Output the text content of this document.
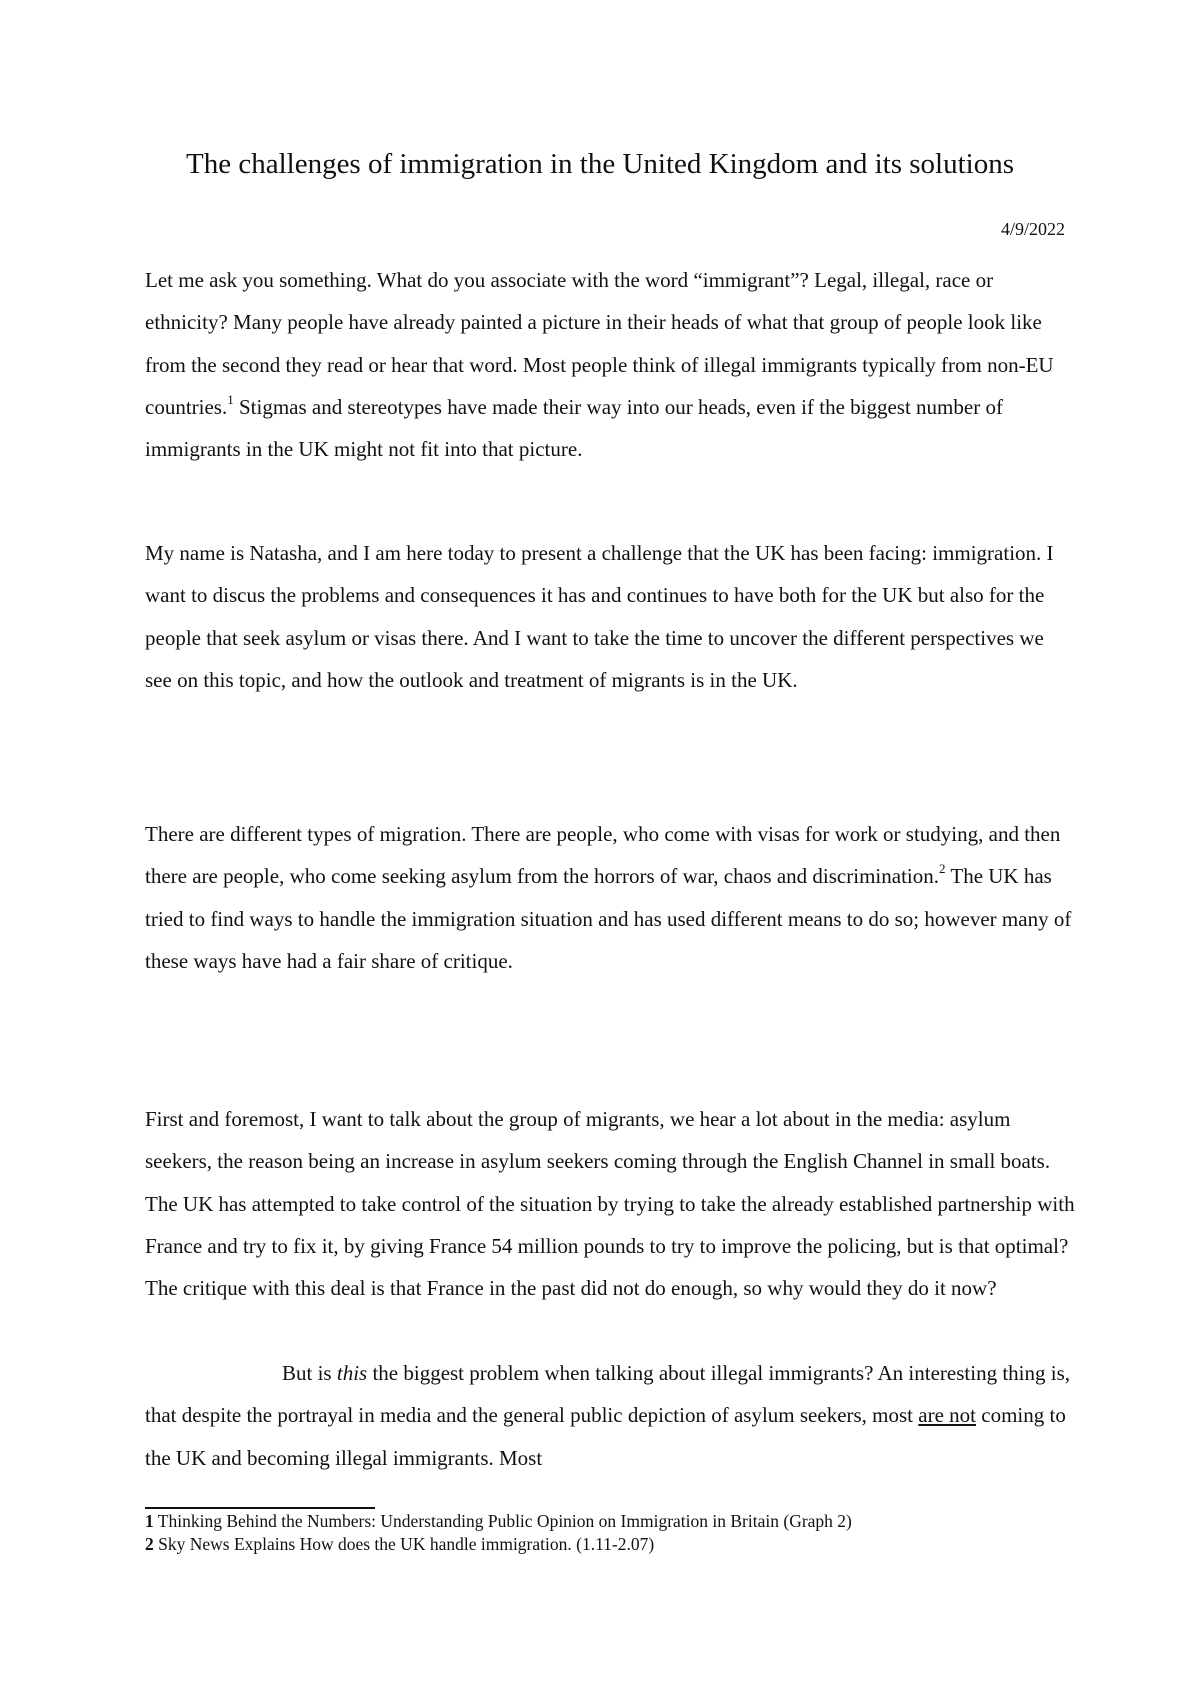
The challenges of immigration in the United Kingdom and its solutions
4/9/2022

Let me ask you something. What do you associate with the word “immigrant”? Legal, illegal, race or ethnicity? Many people have already painted a picture in their heads of what that group of people look like from the second they read or hear that word. Most people think of illegal immigrants typically from non-EU countries.$^1$ Stigmas and stereotypes have made their way into our heads, even if the biggest number of immigrants in the UK might not fit into that picture.

My name is Natasha, and I am here today to present a challenge that the UK has been facing: immigration. I want to discus the problems and consequences it has and continues to have both for the UK but also for the people that seek asylum or visas there. And I want to take the time to uncover the different perspectives we see on this topic, and how the outlook and treatment of migrants is in the UK.

There are different types of migration. There are people, who come with visas for work or studying, and then there are people, who come seeking asylum from the horrors of war, chaos and discrimination.$^2$ The UK has tried to find ways to handle the immigration situation and has used different means to do so; however many of these ways have had a fair share of critique.

First and foremost, I want to talk about the group of migrants, we hear a lot about in the media: asylum seekers, the reason being an increase in asylum seekers coming through the English Channel in small boats. The UK has attempted to take control of the situation by trying to take the already established partnership with France and try to fix it, by giving France 54 million pounds to try to improve the policing, but is that optimal? The critique with this deal is that France in the past did not do enough, so why would they do it now?

But is this the biggest problem when talking about illegal immigrants? An interesting thing is, that despite the portrayal in media and the general public depiction of asylum seekers, most are not coming to the UK and becoming illegal immigrants. Most

1 Thinking Behind the Numbers: Understanding Public Opinion on Immigration in Britain (Graph 2)
2 Sky News Explains How does the UK handle immigration. (1.11-2.07)
